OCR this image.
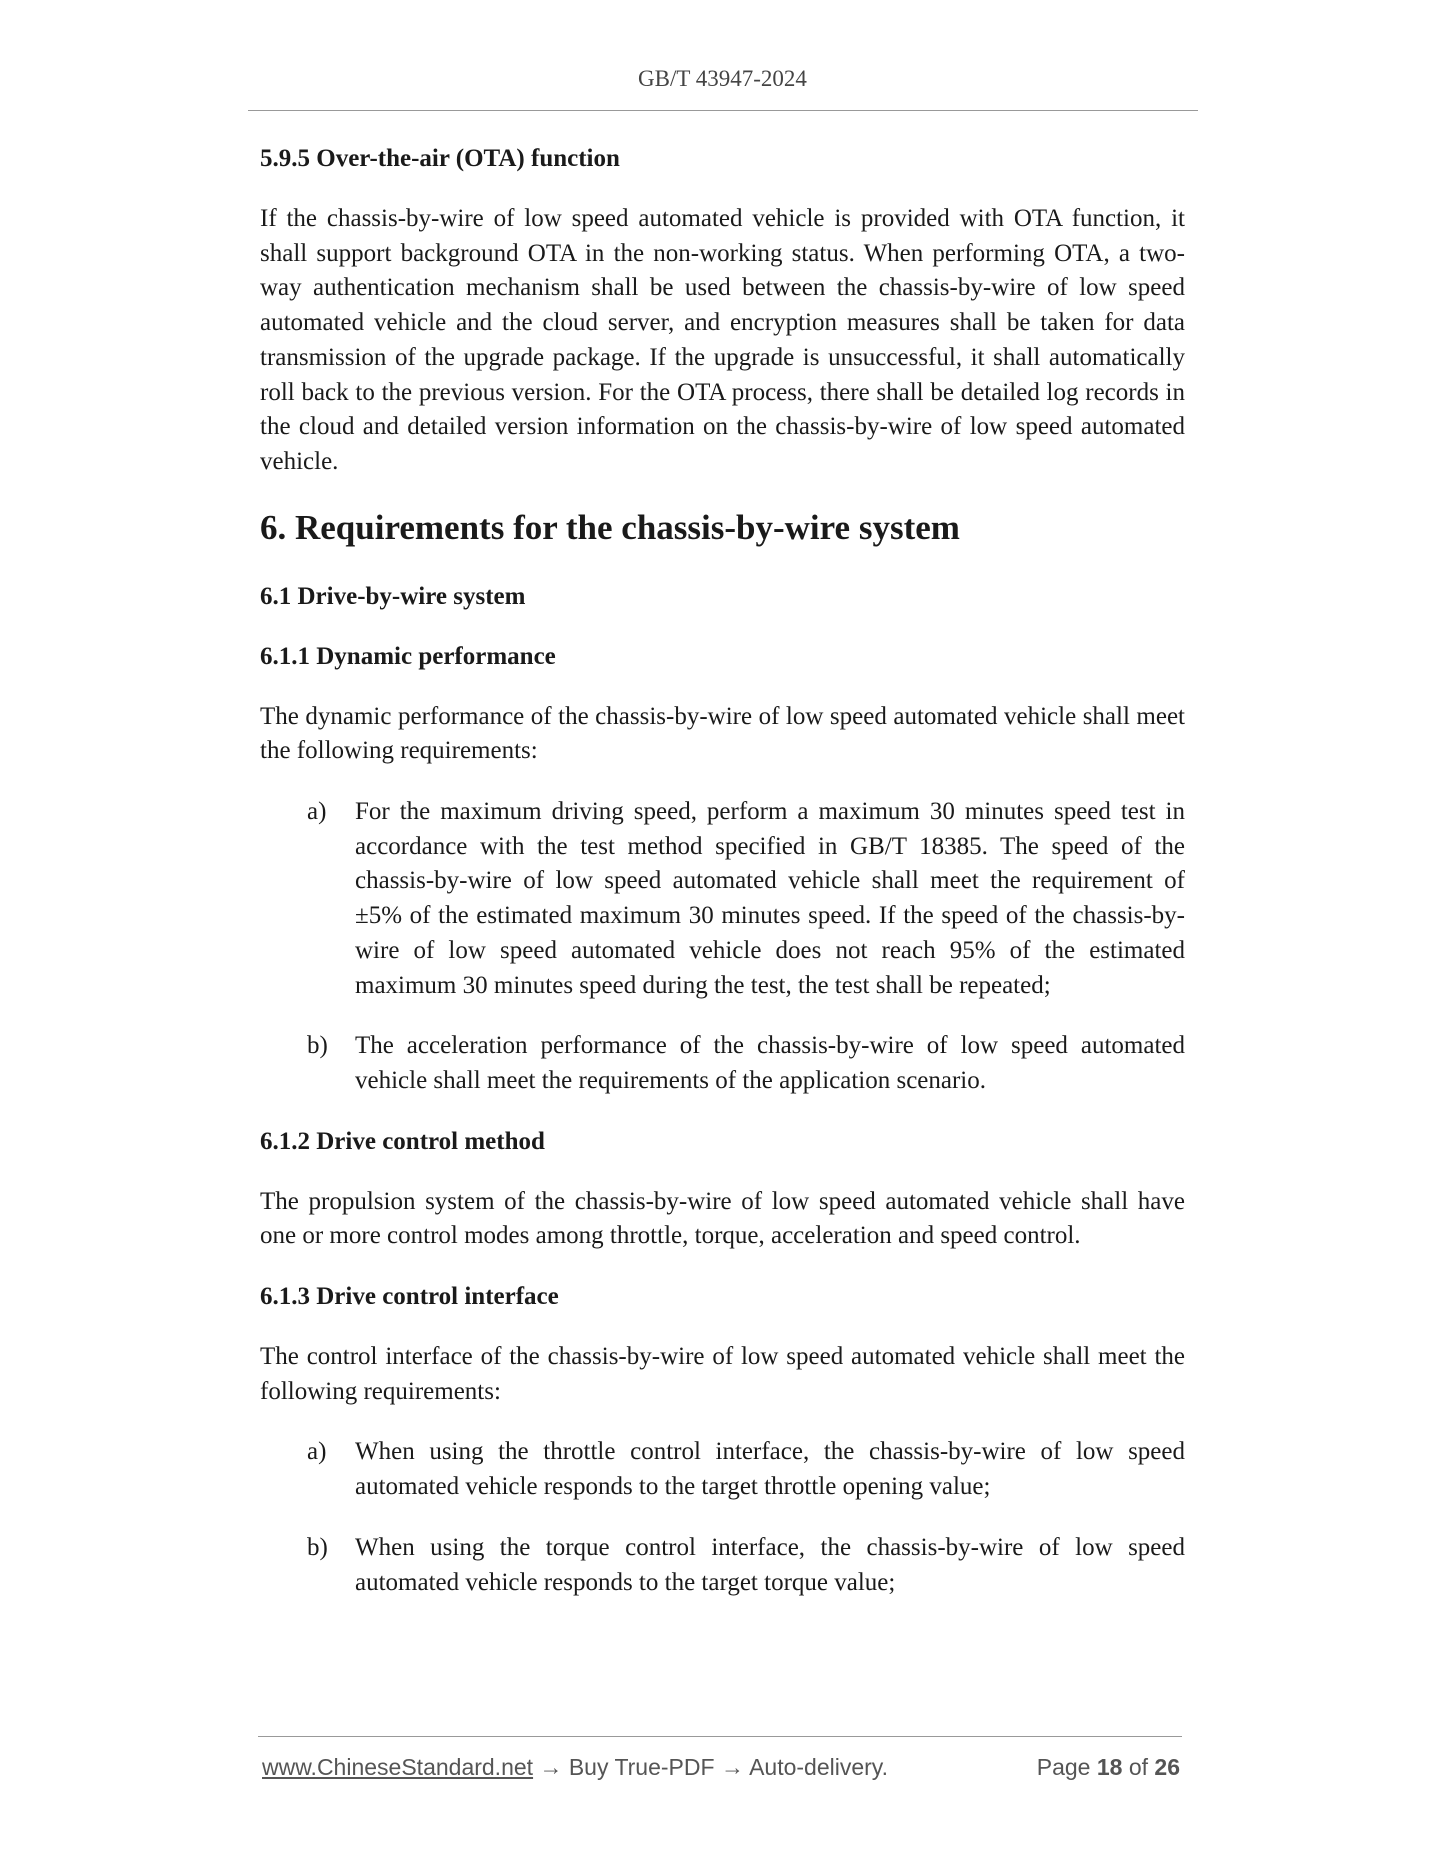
GB/T 43947-2024
5.9.5 Over-the-air (OTA) function
If the chassis-by-wire of low speed automated vehicle is provided with OTA function, it shall support background OTA in the non-working status. When performing OTA, a two-way authentication mechanism shall be used between the chassis-by-wire of low speed automated vehicle and the cloud server, and encryption measures shall be taken for data transmission of the upgrade package. If the upgrade is unsuccessful, it shall automatically roll back to the previous version. For the OTA process, there shall be detailed log records in the cloud and detailed version information on the chassis-by-wire of low speed automated vehicle.
6. Requirements for the chassis-by-wire system
6.1 Drive-by-wire system
6.1.1 Dynamic performance
The dynamic performance of the chassis-by-wire of low speed automated vehicle shall meet the following requirements:
a) For the maximum driving speed, perform a maximum 30 minutes speed test in accordance with the test method specified in GB/T 18385. The speed of the chassis-by-wire of low speed automated vehicle shall meet the requirement of ±5% of the estimated maximum 30 minutes speed. If the speed of the chassis-by-wire of low speed automated vehicle does not reach 95% of the estimated maximum 30 minutes speed during the test, the test shall be repeated;
b) The acceleration performance of the chassis-by-wire of low speed automated vehicle shall meet the requirements of the application scenario.
6.1.2 Drive control method
The propulsion system of the chassis-by-wire of low speed automated vehicle shall have one or more control modes among throttle, torque, acceleration and speed control.
6.1.3 Drive control interface
The control interface of the chassis-by-wire of low speed automated vehicle shall meet the following requirements:
a) When using the throttle control interface, the chassis-by-wire of low speed automated vehicle responds to the target throttle opening value;
b) When using the torque control interface, the chassis-by-wire of low speed automated vehicle responds to the target torque value;
www.ChineseStandard.net → Buy True-PDF → Auto-delivery.	Page 18 of 26
